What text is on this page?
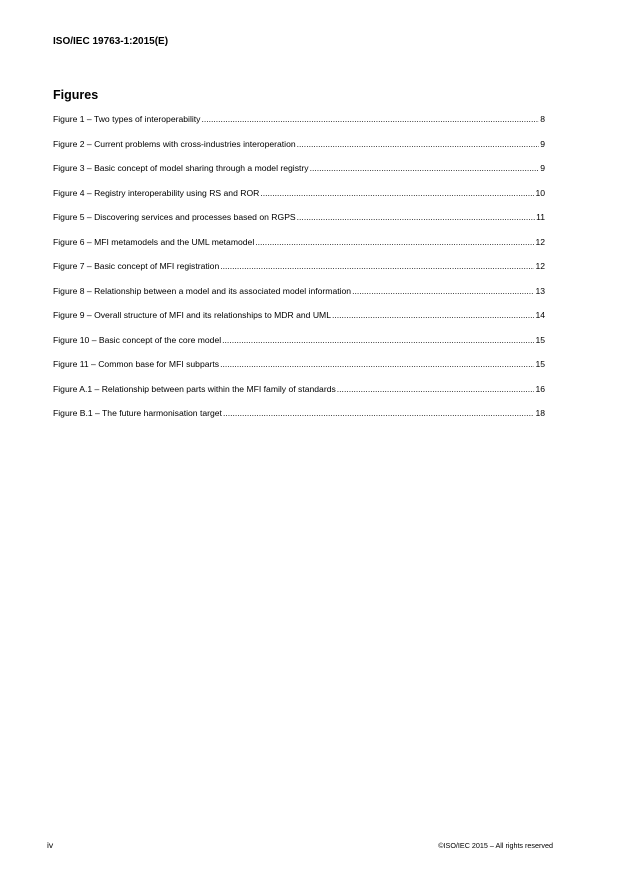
ISO/IEC 19763-1:2015(E)
Figures
Figure 1 – Two types of interoperability .....	8
Figure 2 – Current problems with cross-industries interoperation .....	9
Figure 3 – Basic concept of model sharing through a model registry .....	9
Figure 4 – Registry interoperability using RS and ROR .....	10
Figure 5 – Discovering services and processes based on RGPS .....	11
Figure 6 – MFI metamodels and the UML metamodel .....	12
Figure 7 – Basic concept of MFI registration .....	12
Figure 8 – Relationship between a model and its associated model information .....	13
Figure 9 – Overall structure of MFI and its relationships to MDR and UML .....	14
Figure 10 – Basic concept of the core model .....	15
Figure 11 – Common base for MFI subparts .....	15
Figure A.1 – Relationship between parts within the MFI family of standards .....	16
Figure B.1 – The future harmonisation target .....	18
iv	©ISO/IEC 2015 – All rights reserved
